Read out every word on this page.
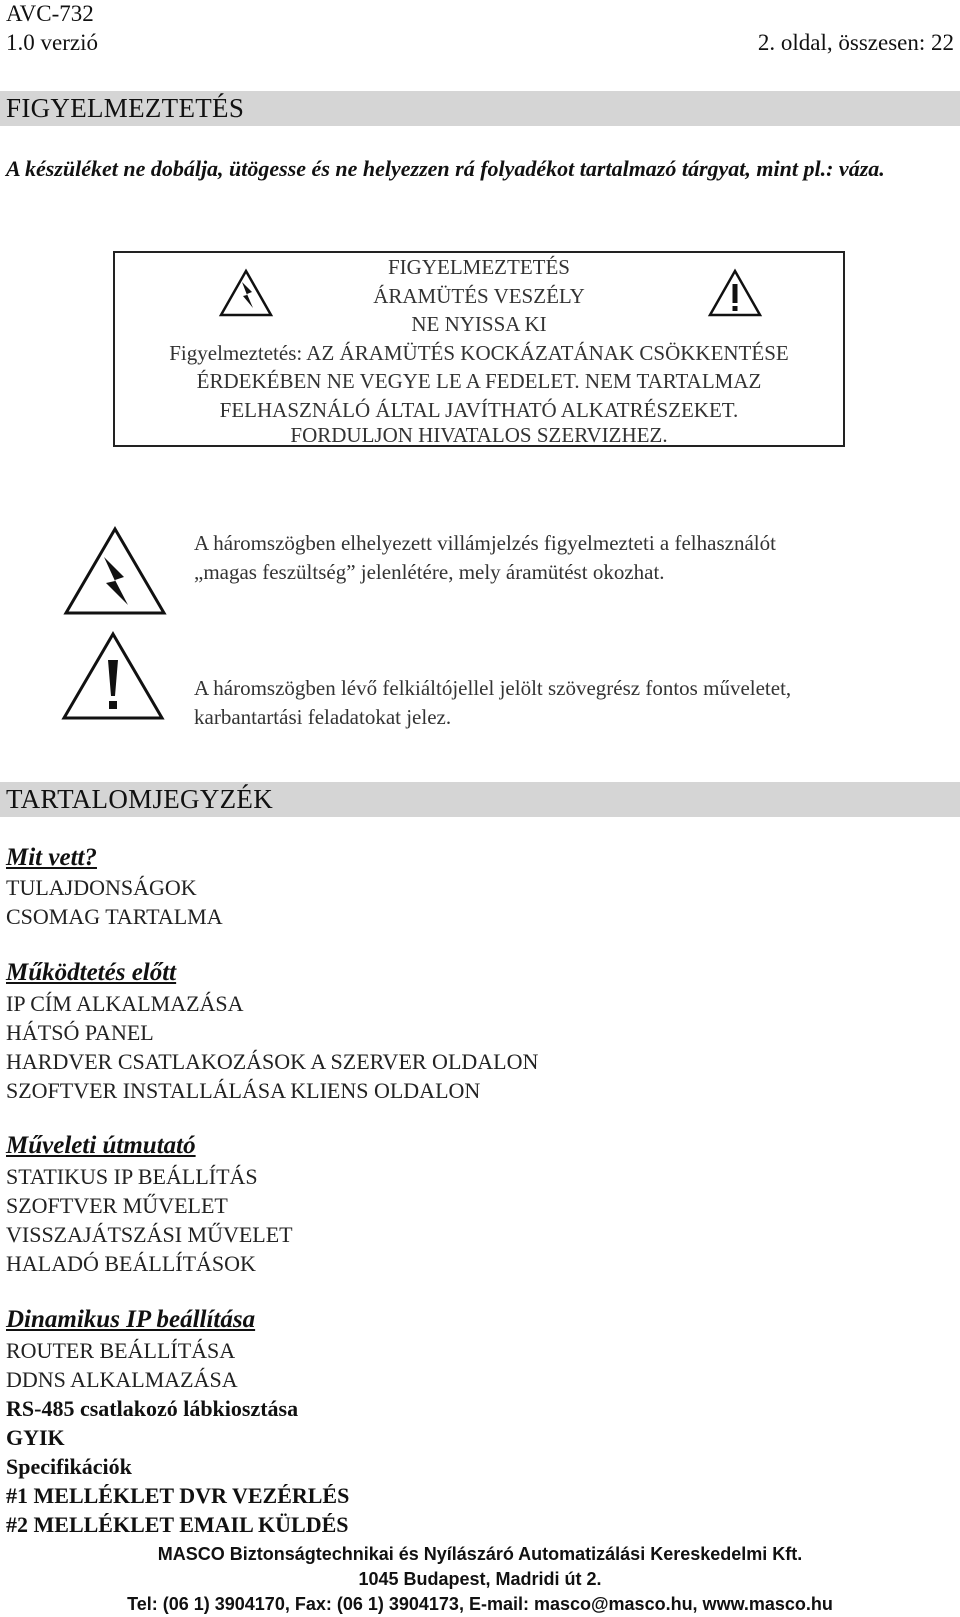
AVC-732
1.0 verzió	2. oldal, összesen: 22
FIGYELMEZTETÉS
A készüléket ne dobálja, ütögesse és ne helyezzen rá folyadékot tartalmazó tárgyat, mint pl.: váza.
FIGYELMEZTETÉS
ÁRAMÜTÉS VESZÉLY
NE NYISSA KI
Figyelmeztetés: AZ ÁRAMÜTÉS KOCKÁZATÁNAK CSÖKKENTÉSE
ÉRDEKÉBEN NE VEGYE LE A FEDELET. NEM TARTALMAZ
FELHASZNÁLÓ ÁLTAL JAVÍTHATÓ ALKATRÉSZEKET.
FORDULJON HIVATALOS SZERVIZHEZ.
A háromszögben elhelyezett villámjelzés figyelmezteti a felhasználót
„magas feszültség” jelenlétére, mely áramütést okozhat.
A háromszögben lévő felkiáltójellel jelölt szövegrész fontos műveletet,
karbantartási feladatokat jelez.
TARTALOMJEGYZÉK
Mit vett?
TULAJDONSÁGOK
CSOMAG TARTALMA
Működtetés előtt
IP CÍM ALKALMAZÁSA
HÁTSÓ PANEL
HARDVER CSATLAKOZÁSOK A SZERVER OLDALON
SZOFTVER INSTALLÁLÁSA KLIENS OLDALON
Műveleti útmutató
STATIKUS IP BEÁLLÍTÁS
SZOFTVER MŰVELET
VISSZAJÁTSZÁSI MŰVELET
HALADÓ BEÁLLÍTÁSOK
Dinamikus IP beállítása
ROUTER BEÁLLÍTÁSA
DDNS ALKALMAZÁSA
RS-485 csatlakozó lábkiosztása
GYIK
Specifikációk
#1 MELLÉKLET DVR VEZÉRLÉS
#2 MELLÉKLET EMAIL KÜLDÉS
MASCO Biztonságtechnikai és Nyílászáró Automatizálási Kereskedelmi Kft.
1045 Budapest, Madridi út 2.
Tel: (06 1) 3904170, Fax: (06 1) 3904173, E-mail: masco@masco.hu, www.masco.hu
